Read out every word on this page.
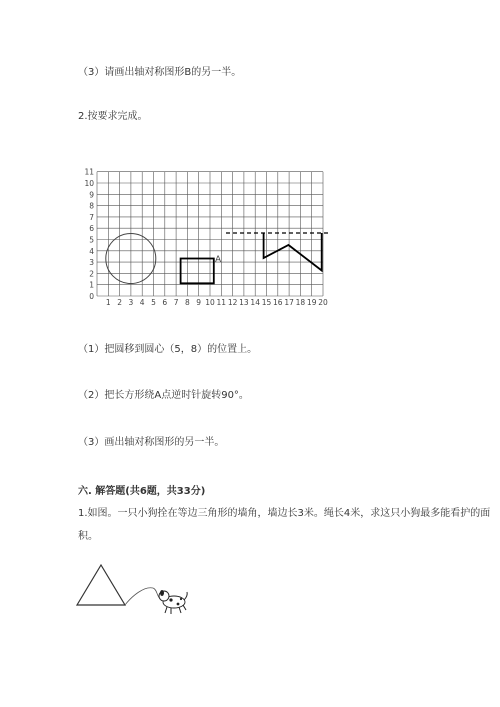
（3）请画出轴对称图形B的另一半。
2.按要求完成。
1 2 3 4 5 6 7 8 9 10 11 12 13 14 15 16 17 18 19 20
0
1
2
3
4
5
6
7
8
9
10
11
A
（1）把圆移到圆心（5，8）的位置上。
（2）把长方形绕A点逆时针旋转90°。
（3）画出轴对称图形的另一半。
六. 解答题(共6题，共33分)
1.如图。一只小狗拴在等边三角形的墙角，墙边长3米。绳长4米，求这只小狗最多能看护的面积。
